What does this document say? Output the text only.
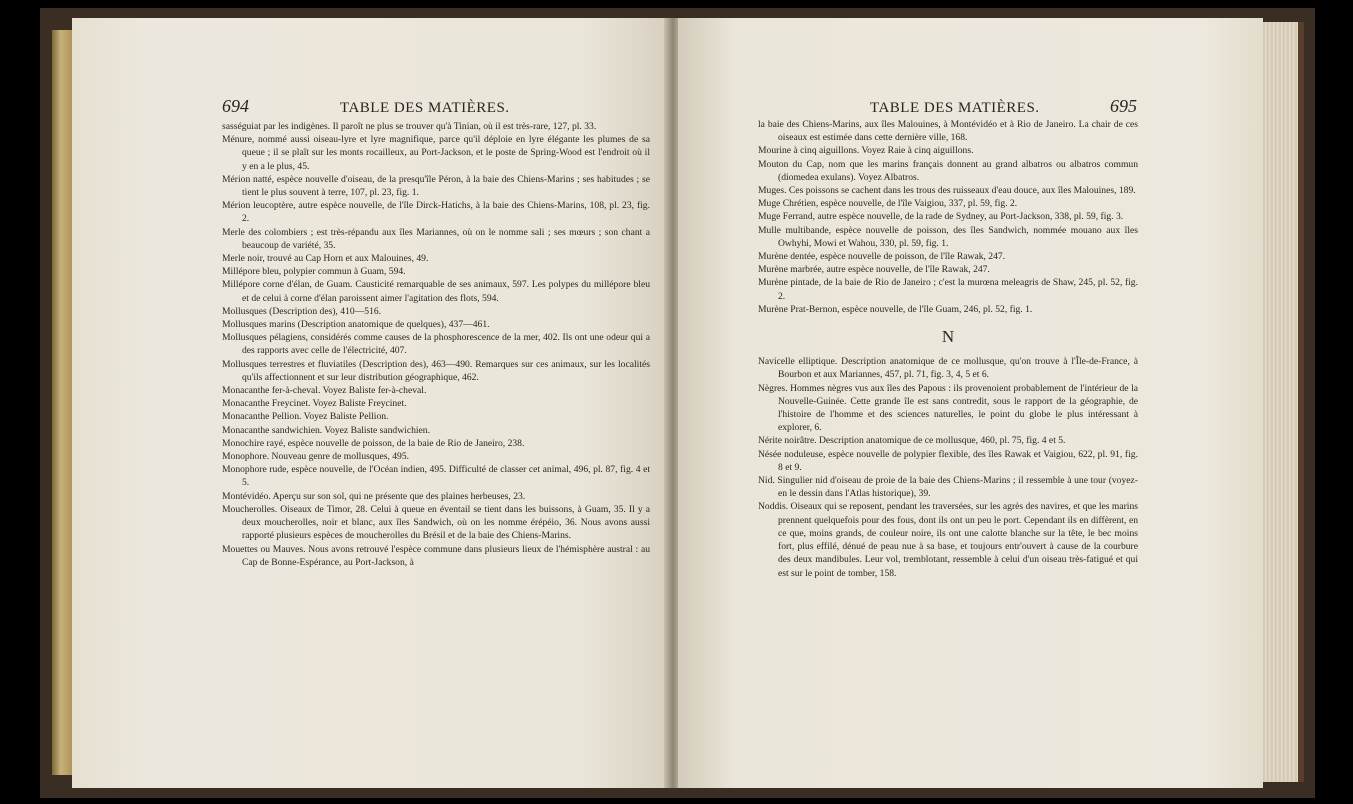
694	TABLE DES MATIÈRES.

sasséguiat par les indigènes. Il paroît ne plus se trouver qu'à Tinian, où il est très-rare, 127, pl. 33.

Ménure, nommé aussi oiseau-lyre et lyre magnifique, parce qu'il déploie en lyre élégante les plumes de sa queue ; il se plaît sur les monts rocailleux, au Port-Jackson, et le poste de Spring-Wood est l'endroit où il y en a le plus, 45.

Mérion natté, espèce nouvelle d'oiseau, de la presqu'île Péron, à la baie des Chiens-Marins ; ses habitudes ; se tient le plus souvent à terre, 107, pl. 23, fig. 1.

Mérion leucoptère, autre espèce nouvelle, de l'île Dirck-Hatichs, à la baie des Chiens-Marins, 108, pl. 23, fig. 2.

Merle des colombiers ; est très-répandu aux îles Mariannes, où on le nomme sali ; ses mœurs ; son chant a beaucoup de variété, 35.

Merle noir, trouvé au Cap Horn et aux Malouines, 49.

Millépore bleu, polypier commun à Guam, 594.

Millépore corne d'élan, de Guam. Causticité remarquable de ses animaux, 597. Les polypes du millépore bleu et de celui à corne d'élan paroissent aimer l'agitation des flots, 594.

Mollusques (Description des), 410—516.

Mollusques marins (Description anatomique de quelques), 437—461.

Mollusques pélagiens, considérés comme causes de la phosphorescence de la mer, 402. Ils ont une odeur qui a des rapports avec celle de l'électricité, 407.

Mollusques terrestres et fluviatiles (Description des), 463—490. Remarques sur ces animaux, sur les localités qu'ils affectionnent et sur leur distribution géographique, 462.

Monacanthe fer-à-cheval. Voyez Baliste fer-à-cheval.

Monacanthe Freycinet. Voyez Baliste Freycinet.

Monacanthe Pellion. Voyez Baliste Pellion.

Monacanthe sandwichien. Voyez Baliste sandwichien.

Monochire rayé, espèce nouvelle de poisson, de la baie de Rio de Janeiro, 238.

Monophore. Nouveau genre de mollusques, 495.

Monophore rude, espèce nouvelle, de l'Océan indien, 495. Difficulté de classer cet animal, 496, pl. 87, fig. 4 et 5.

Montévidéo. Aperçu sur son sol, qui ne présente que des plaines herbeuses, 23.

Moucherolles. Oiseaux de Timor, 28. Celui à queue en éventail se tient dans les buissons, à Guam, 35. Il y a deux moucherolles, noir et blanc, aux îles Sandwich, où on les nomme érépéio, 36. Nous avons aussi rapporté plusieurs espèces de moucherolles du Brésil et de la baie des Chiens-Marins.

Mouettes ou Mauves. Nous avons retrouvé l'espèce commune dans plusieurs lieux de l'hémisphère austral : au Cap de Bonne-Espérance, au Port-Jackson, à

TABLE DES MATIÈRES.	695

la baie des Chiens-Marins, aux îles Malouines, à Montévidéo et à Rio de Janeiro. La chair de ces oiseaux est estimée dans cette dernière ville, 168.

Mourine à cinq aiguillons. Voyez Raie à cinq aiguillons.

Mouton du Cap, nom que les marins français donnent au grand albatros ou albatros commun (diomedea exulans). Voyez Albatros.

Muges. Ces poissons se cachent dans les trous des ruisseaux d'eau douce, aux îles Malouines, 189.

Muge Chrétien, espèce nouvelle, de l'île Vaigiou, 337, pl. 59, fig. 2.

Muge Ferrand, autre espèce nouvelle, de la rade de Sydney, au Port-Jackson, 338, pl. 59, fig. 3.

Mulle multibande, espèce nouvelle de poisson, des îles Sandwich, nommée mouano aux îles Owhyhi, Mowi et Wahou, 330, pl. 59, fig. 1.

Murène dentée, espèce nouvelle de poisson, de l'île Rawak, 247.

Murène marbrée, autre espèce nouvelle, de l'île Rawak, 247.

Murène pintade, de la baie de Rio de Janeiro ; c'est la murœna meleagris de Shaw, 245, pl. 52, fig. 2.

Murène Prat-Bernon, espèce nouvelle, de l'île Guam, 246, pl. 52, fig. 1.

N

Navicelle elliptique. Description anatomique de ce mollusque, qu'on trouve à l'Île-de-France, à Bourbon et aux Mariannes, 457, pl. 71, fig. 3, 4, 5 et 6.

Nègres. Hommes nègres vus aux îles des Papous : ils provenoient probablement de l'intérieur de la Nouvelle-Guinée. Cette grande île est sans contredit, sous le rapport de la géographie, de l'histoire de l'homme et des sciences naturelles, le point du globe le plus intéressant à explorer, 6.

Nérite noirâtre. Description anatomique de ce mollusque, 460, pl. 75, fig. 4 et 5.

Nésée noduleuse, espèce nouvelle de polypier flexible, des îles Rawak et Vaigiou, 622, pl. 91, fig. 8 et 9.

Nid. Singulier nid d'oiseau de proie de la baie des Chiens-Marins ; il ressemble à une tour (voyez-en le dessin dans l'Atlas historique), 39.

Noddis. Oiseaux qui se reposent, pendant les traversées, sur les agrès des navires, et que les marins prennent quelquefois pour des fous, dont ils ont un peu le port. Cependant ils en diffèrent, en ce que, moins grands, de couleur noire, ils ont une calotte blanche sur la tête, le bec moins fort, plus effilé, dénué de peau nue à sa base, et toujours entr'ouvert à cause de la courbure des deux mandibules. Leur vol, tremblotant, ressemble à celui d'un oiseau très-fatigué et qui est sur le point de tomber, 158.
